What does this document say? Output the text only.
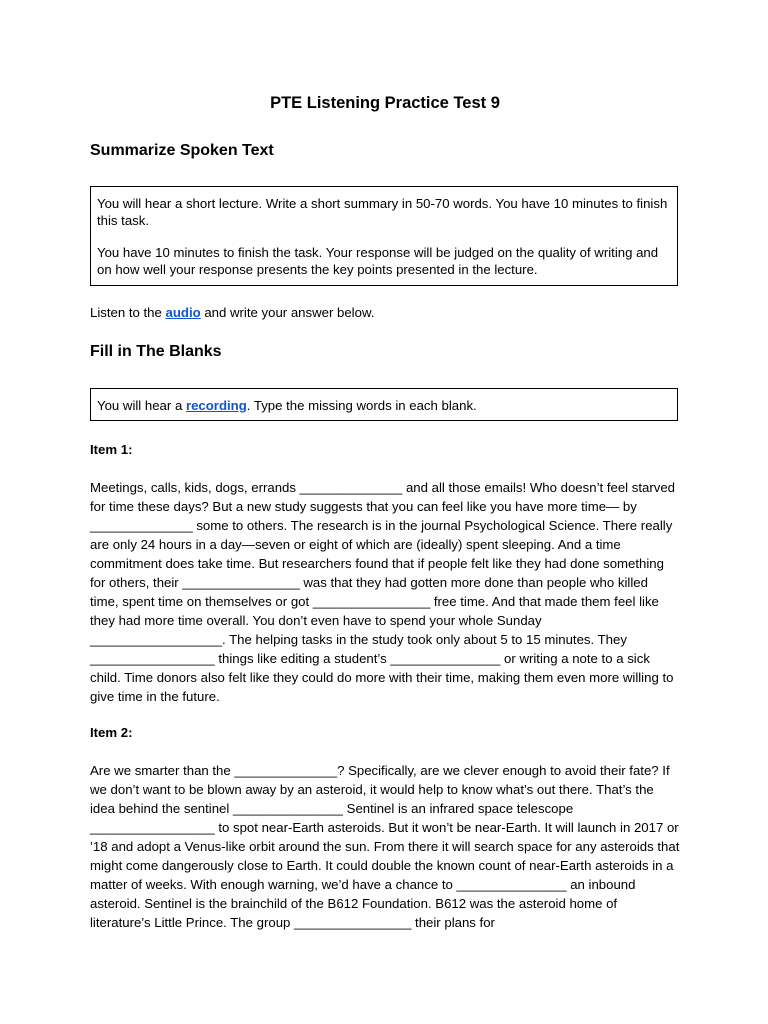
PTE Listening Practice Test 9
Summarize Spoken Text

You will hear a short lecture. Write a short summary in 50-70 words. You have 10 minutes to finish this task.

You have 10 minutes to finish the task. Your response will be judged on the quality of writing and on how well your response presents the key points presented in the lecture.

Listen to the audio and write your answer below.

Fill in The Blanks

You will hear a recording. Type the missing words in each blank.

Item 1:

Meetings, calls, kids, dogs, errands ______________ and all those emails! Who doesn’t feel starved for time these days? But a new study suggests that you can feel like you have more time— by ______________ some to others. The research is in the journal Psychological Science. There really are only 24 hours in a day—seven or eight of which are (ideally) spent sleeping. And a time commitment does take time. But researchers found that if people felt like they had done something for others, their ________________ was that they had gotten more done than people who killed time, spent time on themselves or got ________________ free time. And that made them feel like they had more time overall. You don’t even have to spend your whole Sunday __________________. The helping tasks in the study took only about 5 to 15 minutes. They _________________ things like editing a student’s _______________ or writing a note to a sick child. Time donors also felt like they could do more with their time, making them even more willing to give time in the future.

Item 2:

Are we smarter than the ______________? Specifically, are we clever enough to avoid their fate? If we don’t want to be blown away by an asteroid, it would help to know what’s out there. That’s the idea behind the sentinel _______________ Sentinel is an infrared space telescope _________________ to spot near-Earth asteroids. But it won’t be near-Earth. It will launch in 2017 or ’18 and adopt a Venus-like orbit around the sun. From there it will search space for any asteroids that might come dangerously close to Earth. It could double the known count of near-Earth asteroids in a matter of weeks. With enough warning, we’d have a chance to _______________ an inbound asteroid. Sentinel is the brainchild of the B612 Foundation. B612 was the asteroid home of literature’s Little Prince. The group ________________ their plans for
